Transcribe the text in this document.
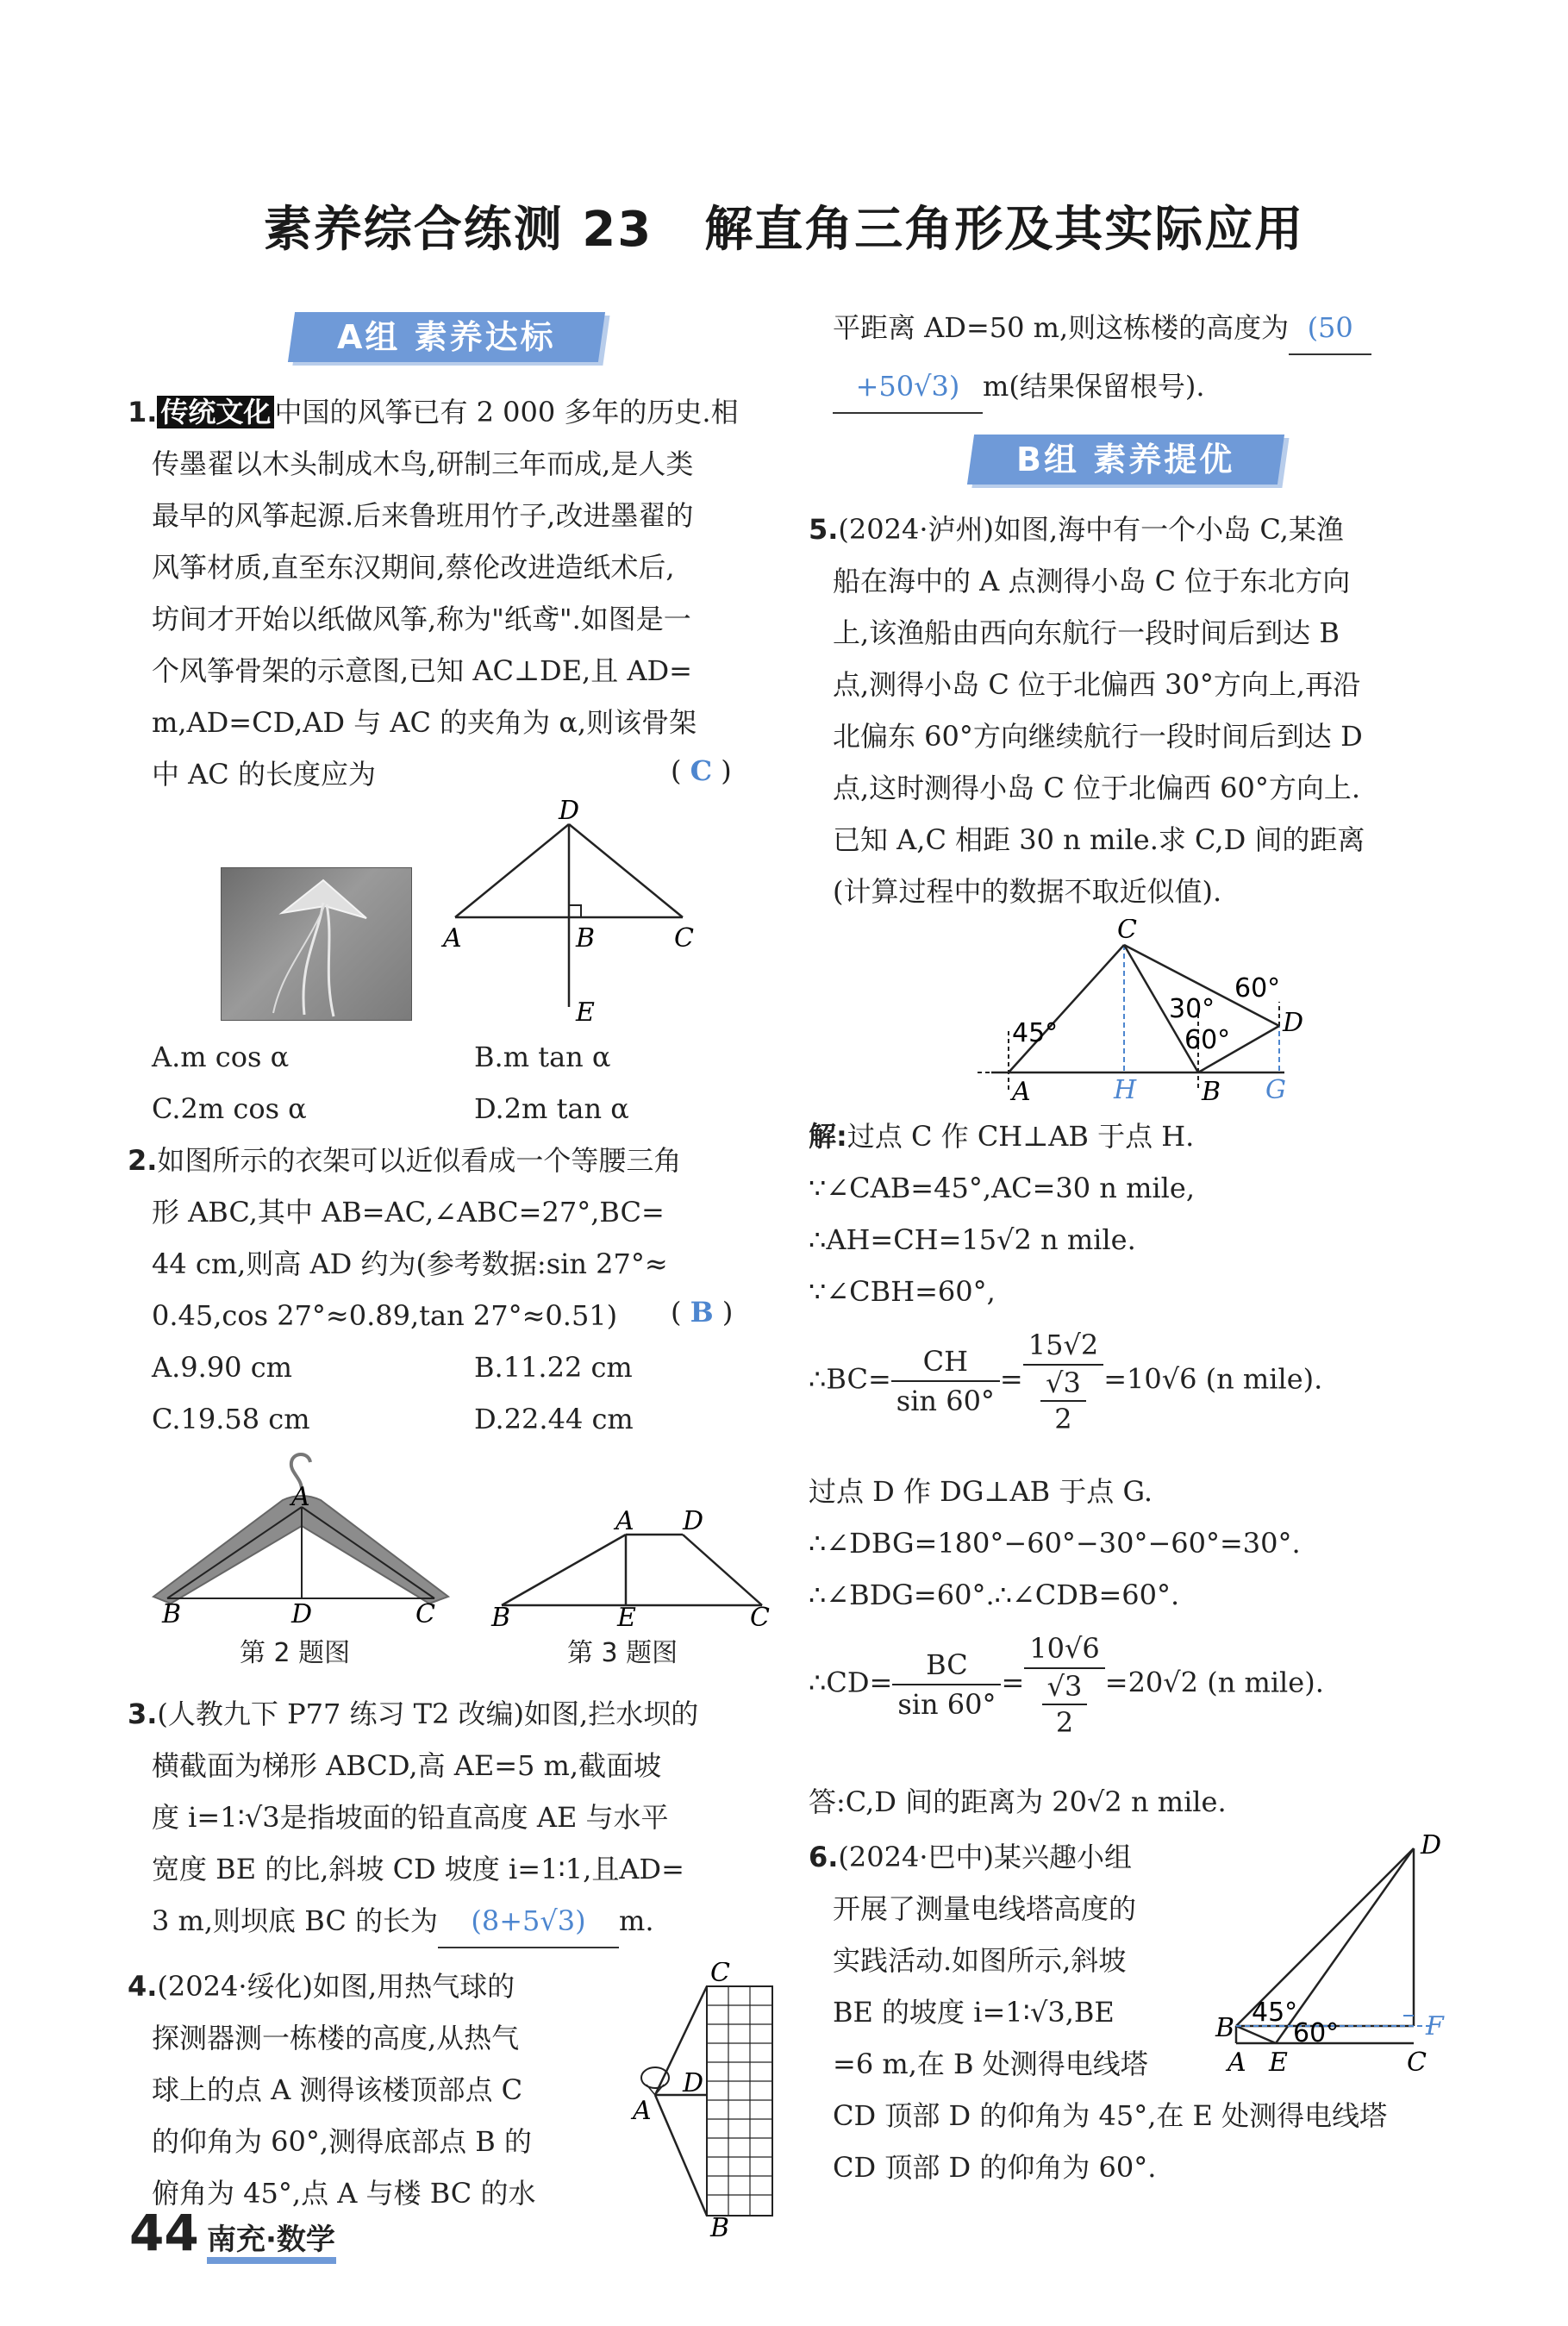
素养综合练测 23 解直角三角形及其实际应用
A组 素养达标
1. 传统文化 中国的风筝已有 2 000 多年的历史.相
传墨翟以木头制成木鸟,研制三年而成,是人类
最早的风筝起源.后来鲁班用竹子,改进墨翟的
风筝材质,直至东汉期间,蔡伦改进造纸术后,
坊间才开始以纸做风筝,称为"纸鸢".如图是一
个风筝骨架的示意图,已知 AC⊥DE,且 AD=
m,AD=CD,AD 与 AC 的夹角为 α,则该骨架
中 AC 的长度应为	( C )
D
A	B	C
E
A.m cos α	B.m tan α
C.2m cos α	D.2m tan α
2.如图所示的衣架可以近似看成一个等腰三角
形 ABC,其中 AB=AC,∠ABC=27°,BC=
44 cm,则高 AD 约为(参考数据:sin 27°≈
0.45,cos 27°≈0.89,tan 27°≈0.51) ( B )
A.9.90 cm	B.11.22 cm
C.19.58 cm	D.22.44 cm
A
B	D	C
第 2 题图
A D
B	E	C
第 3 题图
3.(人教九下 P77 练习 T2 改编)如图,拦水坝的
横截面为梯形 ABCD,高 AE=5 m,截面坡
度 i=1∶√3是指坡面的铅直高度 AE 与水平
宽度 BE 的比,斜坡 CD 坡度 i=1∶1,且AD=
3 m,则坝底 BC 的长为 (8+5√3) m.
4.(2024·绥化)如图,用热气球的
探测器测一栋楼的高度,从热气
球上的点 A 测得该楼顶部点 C
的仰角为 60°,测得底部点 B 的
俯角为 45°,点 A 与楼 BC 的水
C
A
D
B
平距离 AD=50 m,则这栋楼的高度为 (50
+50√3) m(结果保留根号).
B组 素养提优
5.(2024·泸州)如图,海中有一个小岛 C,某渔
船在海中的 A 点测得小岛 C 位于东北方向
上,该渔船由西向东航行一段时间后到达 B
点,测得小岛 C 位于北偏西 30°方向上,再沿
北偏东 60°方向继续航行一段时间后到达 D
点,这时测得小岛 C 位于北偏西 60°方向上.
已知 A,C 相距 30 n mile.求 C,D 间的距离
(计算过程中的数据不取近似值).
C
45°
30°
60°
60°
D
A	H	B G
解:过点 C 作 CH⊥AB 于点 H.
∵∠CAB=45°,AC=30 n mile,
∴AH=CH=15√2 n mile.
∵∠CBH=60°,
∴BC= $\frac{CH}{\sin 60^\circ} = \frac{15√2}{\frac{√3}{2}} =10√6$ (n mile).
过点 D 作 DG⊥AB 于点 G.
∴∠DBG=180°−60°−30°−60°=30°.
∴∠BDG=60°.∴∠CDB=60°.
∴CD= $\frac{BC}{\sin 60^\circ} = \frac{10√6}{\frac{√3}{2}} =20√2$ (n mile).
答:C,D 间的距离为 20√2 n mile.
6.(2024·巴中)某兴趣小组
开展了测量电线塔高度的
实践活动.如图所示,斜坡
BE 的坡度 i=1∶√3,BE
=6 m,在 B 处测得电线塔
CD 顶部 D 的仰角为 45°,在 E 处测得电线塔
CD 顶部 D 的仰角为 60°.
D
B
45°
60°	F
A E	C
44 南充·数学
